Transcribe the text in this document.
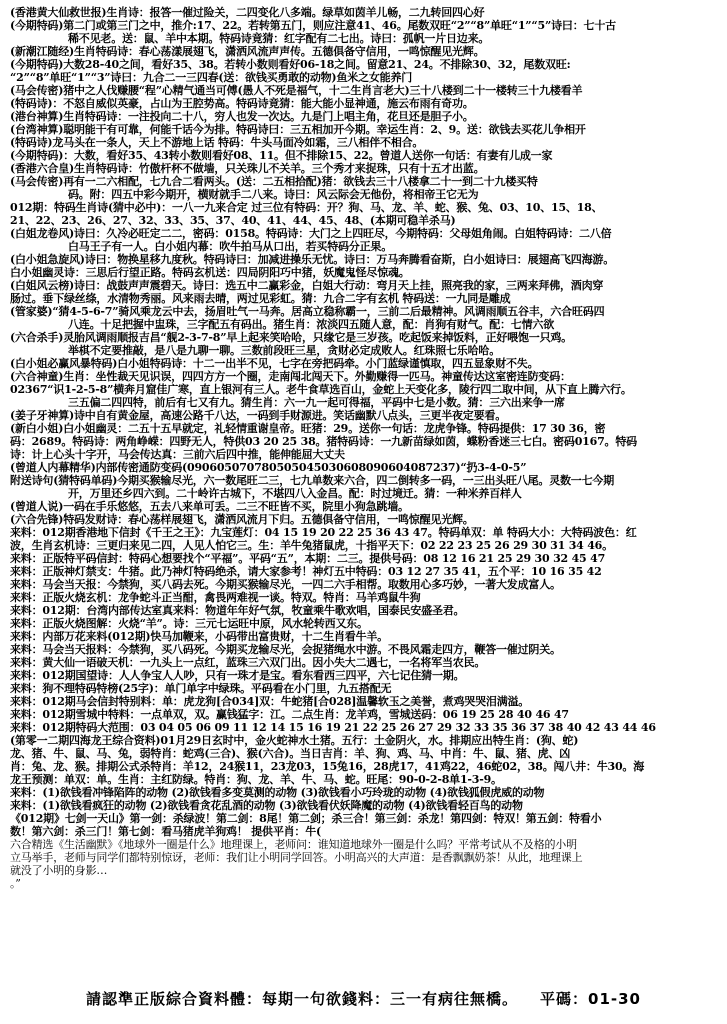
(香港黄大仙救世报)生肖诗：报答一催过险关，二四变化八多端。绿草如茵羊儿畅，二九转回四心好
(今期特码)第二门或第三门之中，推介:17、22。若转第五门，则应注意41、46。尾数双旺“2”“8”单旺“1”“5”诗曰：七十古
稀不见老。送：鼠、羊中本期。特码诗竟猜：红字配有二七出。诗曰：孤帆一片日边来。
(新潮江随经)生肖特码诗：春心荡漾展翅飞，潇洒风流声声传。五德俱备守信用，一鸣惊醒见光辉。
(今期特码)大数28-40之间，看好35、38。若转小数则看好06-18之间。留意21、24。不排除30、32，尾数双旺:
“2”“8”单旺“1”“3”诗曰：九合二一三四春(送：欲钱买勇敢的动物)鱼米之女能养门
(马会传密)猪中之人伐赚腰“程”心精气通当可傅(愚人不死是福气，十二生肖言老大)三十八楼到二十一楼转三十九楼看羊
(特码诗)：不怒自威似英豪，占山为王腔势高。特码诗竟猜：能大能小显神通，施云布雨有奇功。
(港台神算)生肖特码诗：一注投向二十八，穷人也发一次达。九是门上唱主角，花旦还是胆子小。
(台湾神算)聪明能干有可靠，何能千话今为排。特码诗曰：三五相加开今期。幸运生肖：2、9。送：欲钱去买花儿争相开
(特码诗)龙马头在一条人，天上不游地上话 特码：牛头马面冷如霜，三八相伴不相合。
(今期特码)：大数，看好35、43转小数则看好08、11。但不排除15、22。曾道人送你一句话：有妻有儿成一家
(香港六合皇)生肖特码诗：竹傲杆杯不做墙，只关珠儿不关羊。三个秀才来捉珠，只有十五才出蓝。
(马会传密)再有一二六相配，七九合二看两头。(送：二五相拾配)猪：欲钱去三十八楼拿二十一到二十九楼买特
码。附：四五中彩今期开，横财就手二八来。诗曰：风云际会无他份，将相帝王它无为
012期：特码生肖诗(猜中必中)：一八一九来合定 过三位有特码：开？狗、马、龙、羊、蛇、猴、兔、03、10、15、18、
21、22、23、26、27、32、33、35、37、40、41、44、45、48、(本期可稳羊杀马)
(白姐龙卷风)诗曰：久冷必旺定二二，密码：0158。特码诗：大门之上四旺尽，今期特码：父母姐角闹。白姐特码诗：二八倍
白马王子有一人。白小姐内幕：吹牛拍马从口出，若买特码分正果。
(白小姐急旋风)诗曰：物换星移九度秋。特码诗曰：加减进操乐无忧。诗曰：万马奔腾看奋斯，白小姐诗曰：展翅高飞四海游。
白小姐幽灵诗：三思后行望正路。特码玄机送：四局阴阳巧中猪，妖魔鬼怪尽惊魂。
(白姐风云榜)诗曰：战鼓声声震碧天。诗曰：选五中二赢彩金，白姐大行动：弯月天上挂，照亮我的家，三两来拜佛，酒肉穿
肠过。垂下绿丝绦，水清物秀丽。风来雨去晴，两过见彩虹。猜：九合二字有玄机 特码送：一九同是雕成
(管家婆)“猜4-5-6-7”骑风乘龙云中去，扬眉吐气一马奔。居高立稳称霸一，三前二后最精神。风调雨顺五谷丰，六合旺码四
八连。十足把握中盅珠，三字配五有码出。猪生肖：浓淡四五随人意，配：肖狗有财气。配：七情六欲
(六合杀手)灵胎风调雨顺报吉昌“舰2-3-7-8”早上起来笑哈哈，只缘它是三岁孩。吃起饭来掉饭料，正好喂饱一只鸡。
举棋不定要推敲，是八是九聊一聊。三数前段旺三星，贪财必定成败人。红珠照七乐哈哈。
(白小姐必赢风暴特码)白小姐特码诗：十二一出半不见，七字在旁把码牵。小门蓝绿谨慎取，四五显象财不失。
(六合神童)生肖：坐性裁天见识误，四四方方一个圈，走南闯北闯天下。外勤赚得一匹马。神童传达这室密连防变码：
02367“识1-2-5-8”横奔月窟佳广寒，直上银河有三人。老牛食草选百山，金蛇上天变化多，陵行四二取中间，从下直上腾六行。
三五偏二四四特，前后有七又有九。猜生肖：六一九一起可得福，平码中七是小数。猜：三六出来争一席
(姜子牙神算)诗中自有黄金屋，高速公路千八达，一码到手财源进。笑话幽默八点头，三更半夜定要看。
(新白小姐)白小姐幽灵：二五十五早就定，礼轻情重谢皇帝。旺猪：29。送你一句话：龙虎争锋。特码提供：17 30 36，密
码：2689。特码诗：两角峥嵘：四野无人，特供03 20 25 38。猪特码诗：一九新苗绿如茵，蝶粉香迷三七白。密码0167。特码
诗：计上心头十字开，马会传达真：三前六后四中推，能伸能屈大丈夫
(曾道人内幕精华)内部传密通防变码(090605070780505045030608090604087237)“扔3-4-0-5”
附送诗句(猜特码单码)今期买猴输尽光，六一数尾旺二三，七九单数来六合，四二倒转多一码，一三出头旺八尾。灵数一七今期
开，万里还乡四六到。二十岭许古城下，不堪四八入金昌。配：时过境迁。猜：一种米养百样人
(曾道人说)一码在手乐悠悠，五去八来单可丢。二三不旺皆不买，院里小狗急跳墙。
(六合先锋)特码发财诗：春心荡样展翅飞，潇洒风流月下归。五德俱备守信用，一鸣惊醒见光辉。
来料：012期香港地下信封《千王之王》：九宝莲灯：04 15 19 20 22 25 36 43 47。特码单双：单 特码大小：大特码波色：红
波，生肖玄机诗：三更归来见二四，人见人怕它三。生：羊牛兔猪鼠虎，十指平天下：02 22 23 25 26 29 30 31 34 46。
来料：正版特平码信封：特码心想要找个“平福”。平码“五”，本期：二三。提供号码：08 12 16 21 25 29 30 32 45 47
来料：正版神灯禁支：牛猪。此乃神灯特码绝杀，请大家参考！神灯五中特码：03 12 27 35 41，五个平：10 16 35 42
来料：马会当天报：今禁狗，买八码去死。今期买猴输尽光，一四二六手相帮。取数用心多巧妙，一著大发成富人。
来料：正版火烧玄机：龙争蛇斗正当酣，禽畏两难视一谈。特双。特肖：马羊鸡鼠牛狗
来料：012期：台湾内部传达室真来料：物道年年好气氛，牧童乘牛歌欢唱，国泰民安盛圣君。
来料：正版火烧图解：火烧“羊”。诗：三元七运旺中原，风水轮转西又东。
来料：内部万花来料(012期)快马加鞭来，小码带出富贵财，十二生肖看牛羊。
来料：马会当天报料：今禁狗，买八码死。今期买龙输尽光，会捉猪绳水中游。不畏风霜走四方，鞭答一催过阴关。
来料：黄大仙一语破天机：一九头上一点红，蓝珠三六双门出。因小失大二遇七，一名将军当农民。
来料：012期国望诗：人人争宝人人吵，只有一珠才是宝。看东看西三四平，六七记住猜一期。
来料：狗不理特码特榜(25字)：单门单字中绿珠。平码看在小门里，九五搭配无
来料：012期马会信封特别料：单：虎龙狗[合034]双：牛蛇猪[合028]温馨软玉之美誉，煮鸡哭哭泪满溢。
来料：012期雪城中特料：一点单双，双。赢钱猛字：江。二点生肖：龙羊鸡，雪城送码：06 19 25 28 40 46 47
来料：012期特码大范围：03 04 05 06 09 11 12 14 15 16 19 21 22 25 26 27 29 32 33 35 36 37 38 40 42 43 44 46
(第零一二期四海龙王综合资料)01月29日玄时中，金火蛇神水土猪。五行：土金阴火，水。排期应出特生肖：(狗、蛇)
龙、猪、牛、鼠、马、兔，弱特肖：蛇鸡(三合)、猴(六合)。当日吉肖：羊、狗、鸡、马、中肖：牛、鼠、猪、虎、凶
肖：兔、龙、猴。排期公式杀特肖：羊12，24猴11，23龙03，15兔16，28虎17，41鸡22，46蛇02，38。闯八井：牛30。海
龙王预测：单双：单。生肖：主红防绿。特肖：狗、龙、羊、牛、马、蛇。旺尾：90-0-2-8单1-3-9。
来料：(1)欲钱看冲锋陷阵的动物 (2)欲钱看多变莫测的动物 (3)欲钱看小巧玲珑的动物 (4)欲钱狐假虎威的动物
来料：(1)欲钱看疯狂的动物 (2)欲钱看贪花乱酒的动物 (3)欲钱看伏妖降魔的动物 (4)欲钱看轻百鸟的动物
《012期》七剑一天山》第一剑：杀绿波！第二剑：8尾！第二剑；杀三合！第三剑：杀龙！第四剑：特双！第五剑：特看小
数！第六剑：杀三门！第七剑：看马猪虎羊狗鸡！ 提供平肖：牛(
六合精选《生活幽默》《地球外一圈是什么》地理课上，老师问：谁知道地球外一圈是什么吗？平常考试从不及格的小明
立马举手，老师与同学们都特别惊讶，老师：我们让小明同学回答。小明高兴的大声道：是香飘飘奶茶！从此，地理课上
就没了小明的身影…
。”
請認準正版綜合資料體：每期一句欲錢料：三一有病往無橋。 平碼：01-30
